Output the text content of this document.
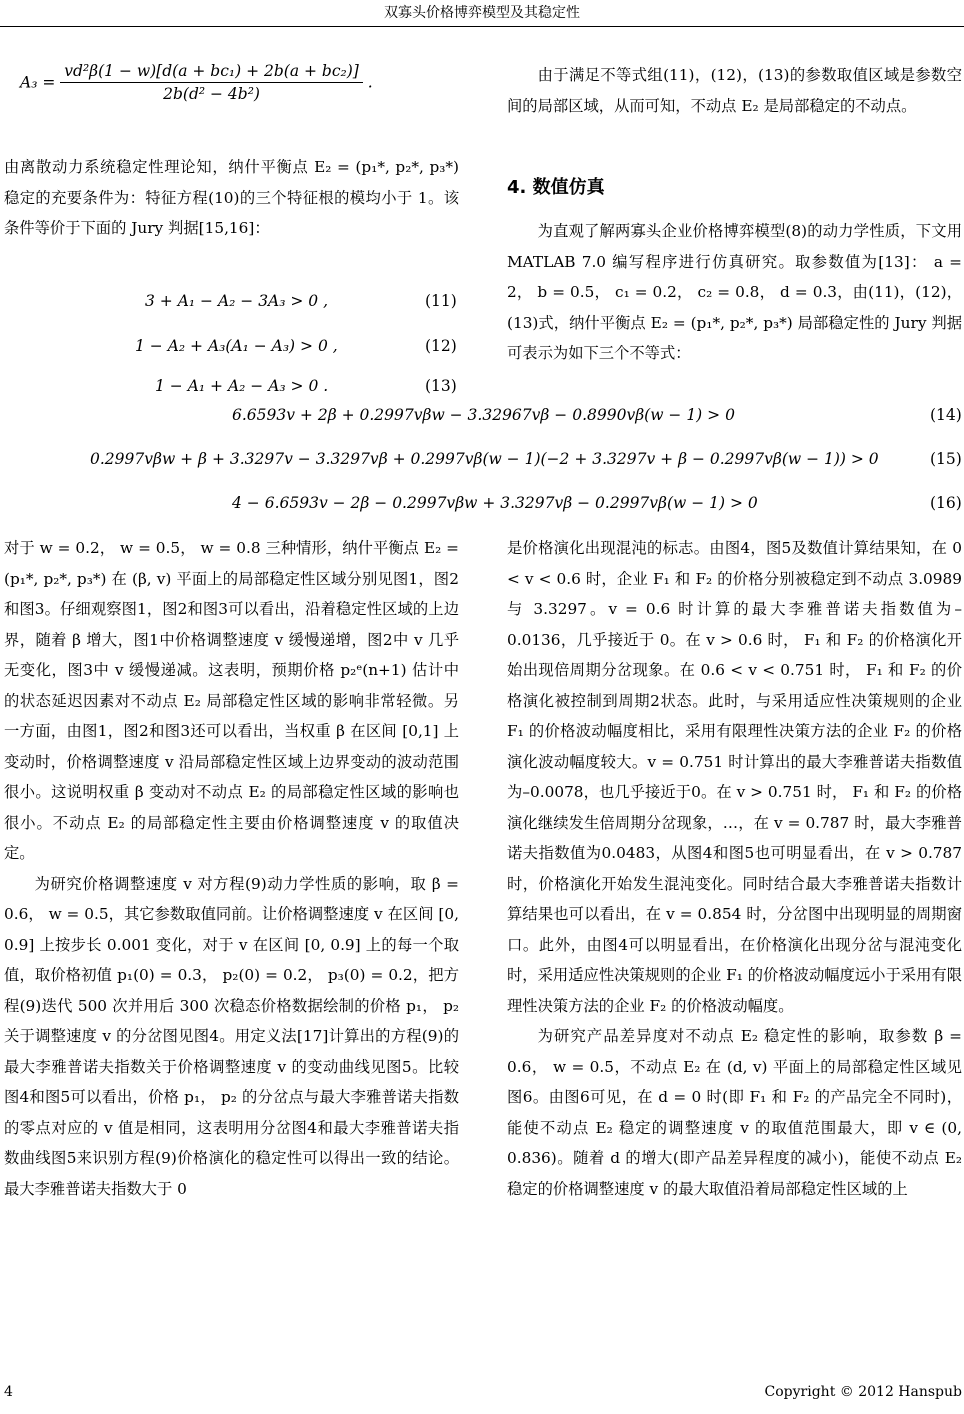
双寡头价格博弈模型及其稳定性
$A_3 = \frac{\text{vd²β(1 − w)[d(a + bc₁) + 2b(a + bc₂)]}}{\text{2b(d² − 4b²)}}$ .

由离散动力系统稳定性理论知，纳什平衡点 E₂ = (p₁*, p₂*, p₃*) 稳定的充要条件为：特征方程(10)的三个特征根的模均小于 1。该条件等价于下面的 Jury 判据[15,16]：

3 + A₁ − A₂ − 3A₃ > 0 ,	(11)
1 − A₂ + A₃(A₁ − A₃) > 0 ,	(12)
1 − A₁ + A₂ − A₃ > 0 .	(13)

由于满足不等式组(11)，(12)，(13)的参数取值区域是参数空间的局部区域，从而可知，不动点 E₂ 是局部稳定的不动点。

4. 数值仿真

为直观了解两寡头企业价格博弈模型(8)的动力学性质，下文用 MATLAB 7.0 编写程序进行仿真研究。取参数值为[13]： a = 2， b = 0.5， c₁ = 0.2， c₂ = 0.8， d = 0.3，由(11)，(12)，(13)式，纳什平衡点 E₂ = (p₁*, p₂*, p₃*) 局部稳定性的 Jury 判据可表示为如下三个不等式：

6.6593v + 2β + 0.2997vβw − 3.32967vβ − 0.8990vβ(w − 1) > 0	(14)
0.2997vβw + β + 3.3297v − 3.3297vβ + 0.2997vβ(w − 1)(−2 + 3.3297v + β − 0.2997vβ(w − 1)) > 0	(15)
4 − 6.6593v − 2β − 0.2997vβw + 3.3297vβ − 0.2997vβ(w − 1) > 0	(16)

对于 w = 0.2， w = 0.5， w = 0.8 三种情形，纳什平衡点 E₂ = (p₁*, p₂*, p₃*) 在 (β, v) 平面上的局部稳定性区域分别见图1，图2和图3。仔细观察图1，图2和图3可以看出，沿着稳定性区域的上边界，随着 β 增大，图1中价格调整速度 v 缓慢递增，图2中 v 几乎无变化，图3中 v 缓慢递减。这表明，预期价格 p₂ᵉ(n+1) 估计中的状态延迟因素对不动点 E₂ 局部稳定性区域的影响非常轻微。另一方面，由图1，图2和图3还可以看出，当权重 β 在区间 [0,1] 上变动时，价格调整速度 v 沿局部稳定性区域上边界变动的波动范围很小。这说明权重 β 变动对不动点 E₂ 的局部稳定性区域的影响也很小。不动点 E₂ 的局部稳定性主要由价格调整速度 v 的取值决定。

为研究价格调整速度 v 对方程(9)动力学性质的影响，取 β = 0.6， w = 0.5，其它参数取值同前。让价格调整速度 v 在区间 [0, 0.9] 上按步长 0.001 变化，对于 v 在区间 [0, 0.9] 上的每一个取值，取价格初值 p₁(0) = 0.3， p₂(0) = 0.2， p₃(0) = 0.2，把方程(9)迭代 500 次并用后 300 次稳态价格数据绘制的价格 p₁， p₂ 关于调整速度 v 的分岔图见图4。用定义法[17]计算出的方程(9)的最大李雅普诺夫指数关于价格调整速度 v 的变动曲线见图5。比较图4和图5可以看出，价格 p₁， p₂ 的分岔点与最大李雅普诺夫指数的零点对应的 v 值是相同，这表明用分岔图4和最大李雅普诺夫指数曲线图5来识别方程(9)价格演化的稳定性可以得出一致的结论。最大李雅普诺夫指数大于 0

是价格演化出现混沌的标志。由图4，图5及数值计算结果知，在 0 < v < 0.6 时，企业 F₁ 和 F₂ 的价格分别被稳定到不动点 3.0989 与 3.3297。v = 0.6 时计算的最大李雅普诺夫指数值为–0.0136，几乎接近于 0。在 v > 0.6 时， F₁ 和 F₂ 的价格演化开始出现倍周期分岔现象。在 0.6 < v < 0.751 时， F₁ 和 F₂ 的价格演化被控制到周期2状态。此时，与采用适应性决策规则的企业 F₁ 的价格波动幅度相比，采用有限理性决策方法的企业 F₂ 的价格演化波动幅度较大。v = 0.751 时计算出的最大李雅普诺夫指数值为–0.0078，也几乎接近于0。在 v > 0.751 时， F₁ 和 F₂ 的价格演化继续发生倍周期分岔现象，…，在 v = 0.787 时，最大李雅普诺夫指数值为0.0483，从图4和图5也可明显看出，在 v > 0.787 时，价格演化开始发生混沌变化。同时结合最大李雅普诺夫指数计算结果也可以看出，在 v = 0.854 时，分岔图中出现明显的周期窗口。此外，由图4可以明显看出，在价格演化出现分岔与混沌变化时，采用适应性决策规则的企业 F₁ 的价格波动幅度远小于采用有限理性决策方法的企业 F₂ 的价格波动幅度。

为研究产品差异度对不动点 E₂ 稳定性的影响，取参数 β = 0.6， w = 0.5，不动点 E₂ 在 (d, v) 平面上的局部稳定性区域见图6。由图6可见，在 d = 0 时(即 F₁ 和 F₂ 的产品完全不同时)，能使不动点 E₂ 稳定的调整速度 v 的取值范围最大，即 v ∈ (0, 0.836)。随着 d 的增大(即产品差异程度的减小)，能使不动点 E₂ 稳定的价格调整速度 v 的最大取值沿着局部稳定性区域的上

4	Copyright © 2012 Hanspub
